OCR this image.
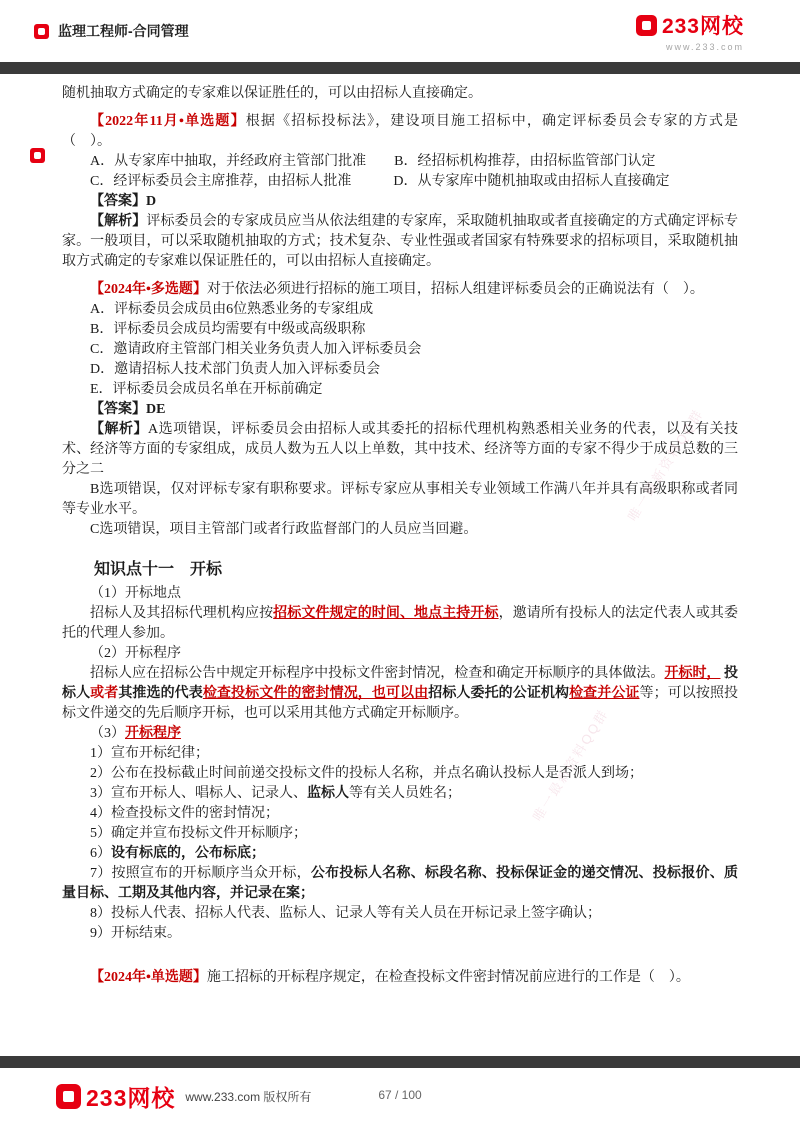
监理工程师-合同管理	233网校
www.233.com

随机抽取方式确定的专家难以保证胜任的，可以由招标人直接确定。

【2022年11月•单选题】根据《招标投标法》，建设项目施工招标中，确定评标委员会专家的方式是（　）。

A．从专家库中抽取，并经政府主管部门批准　　B．经招标机构推荐，由招标监管部门认定

C．经评标委员会主席推荐，由招标人批准　　　D．从专家库中随机抽取或由招标人直接确定

【答案】D

【解析】评标委员会的专家成员应当从依法组建的专家库，采取随机抽取或者直接确定的方式确定评标专家。一般项目，可以采取随机抽取的方式；技术复杂、专业性强或者国家有特殊要求的招标项目，采取随机抽取方式确定的专家难以保证胜任的，可以由招标人直接确定。

【2024年•多选题】对于依法必须进行招标的施工项目，招标人组建评标委员会的正确说法有（　）。

A．评标委员会成员由6位熟悉业务的专家组成

B．评标委员会成员均需要有中级或高级职称

C．邀请政府主管部门相关业务负责人加入评标委员会

D．邀请招标人技术部门负责人加入评标委员会

E．评标委员会成员名单在开标前确定

【答案】DE

【解析】A选项错误，评标委员会由招标人或其委托的招标代理机构熟悉相关业务的代表，以及有关技术、经济等方面的专家组成，成员人数为五人以上单数，其中技术、经济等方面的专家不得少于成员总数的三分之二

B选项错误，仅对评标专家有职称要求。评标专家应从事相关专业领域工作满八年并具有高级职称或者同等专业水平。

C选项错误，项目主管部门或者行政监督部门的人员应当回避。

知识点十一　开标

（1）开标地点

招标人及其招标代理机构应按招标文件规定的时间、地点主持开标，邀请所有投标人的法定代表人或其委托的代理人参加。

（2）开标程序

招标人应在招标公告中规定开标程序中投标文件密封情况，检查和确定开标顺序的具体做法。开标时， 投标人或者其推选的代表检查投标文件的密封情况，也可以由招标人委托的公证机构检查并公证等；可以按照投标文件递交的先后顺序开标，也可以采用其他方式确定开标顺序。

（3）开标程序

1）宣布开标纪律；

2）公布在投标截止时间前递交投标文件的投标人名称，并点名确认投标人是否派人到场；

3）宣布开标人、唱标人、记录人、监标人等有关人员姓名；

4）检查投标文件的密封情况；

5）确定并宣布投标文件开标顺序；

6）设有标底的，公布标底；

7）按照宣布的开标顺序当众开标，公布投标人名称、标段名称、投标保证金的递交情况、投标报价、质量目标、工期及其他内容，并记录在案；

8）投标人代表、招标人代表、监标人、记录人等有关人员在开标记录上签字确认；

9）开标结束。

【2024年•单选题】施工招标的开标程序规定，在检查投标文件密封情况前应进行的工作是（　）。

唯一最新资料QQ群
唯一最新资料QQ群
233网校 www.233.com 版权所有	67 / 100
